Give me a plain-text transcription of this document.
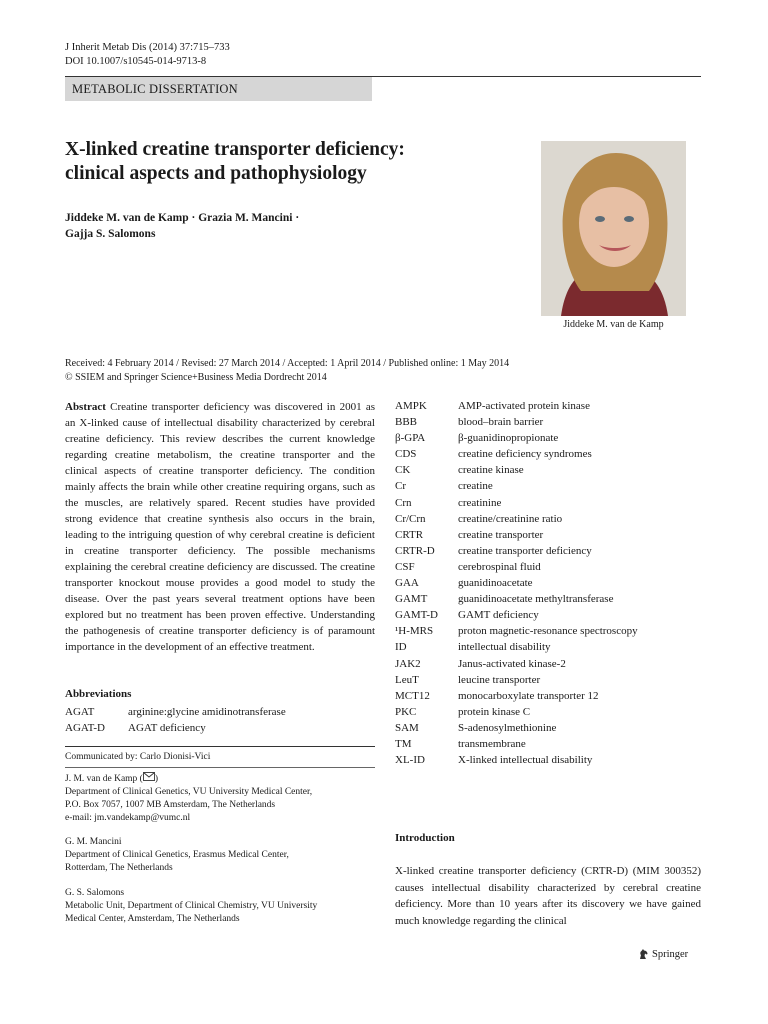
J Inherit Metab Dis (2014) 37:715–733
DOI 10.1007/s10545-014-9713-8
METABOLIC DISSERTATION
X-linked creatine transporter deficiency:
clinical aspects and pathophysiology
Jiddeke M. van de Kamp · Grazia M. Mancini ·
Gajja S. Salomons
Jiddeke M. van de Kamp
Received: 4 February 2014 / Revised: 27 March 2014 / Accepted: 1 April 2014 / Published online: 1 May 2014
© SSIEM and Springer Science+Business Media Dordrecht 2014
Abstract Creatine transporter deficiency was discovered in 2001 as an X-linked cause of intellectual disability characterized by cerebral creatine deficiency. This review describes the current knowledge regarding creatine metabolism, the creatine transporter and the clinical aspects of creatine transporter deficiency. The condition mainly affects the brain while other creatine requiring organs, such as the muscles, are relatively spared. Recent studies have provided strong evidence that creatine synthesis also occurs in the brain, leading to the intriguing question of why cerebral creatine is deficient in creatine transporter deficiency. The possible mechanisms explaining the cerebral creatine deficiency are discussed. The creatine transporter knockout mouse provides a good model to study the disease. Over the past years several treatment options have been explored but no treatment has been proven effective. Understanding the pathogenesis of creatine transporter deficiency is of paramount importance in the development of an effective treatment.
Abbreviations
AGAT	arginine:glycine amidinotransferase
AGAT-D	AGAT deficiency
AMPK	AMP-activated protein kinase
BBB	blood–brain barrier
β-GPA	β-guanidinopropionate
CDS	creatine deficiency syndromes
CK	creatine kinase
Cr	creatine
Crn	creatinine
Cr/Crn	creatine/creatinine ratio
CRTR	creatine transporter
CRTR-D	creatine transporter deficiency
CSF	cerebrospinal fluid
GAA	guanidinoacetate
GAMT	guanidinoacetate methyltransferase
GAMT-D	GAMT deficiency
¹H-MRS	proton magnetic-resonance spectroscopy
ID	intellectual disability
JAK2	Janus-activated kinase-2
LeuT	leucine transporter
MCT12	monocarboxylate transporter 12
PKC	protein kinase C
SAM	S-adenosylmethionine
TM	transmembrane
XL-ID	X-linked intellectual disability
Communicated by: Carlo Dionisi-Vici
J. M. van de Kamp ( )
Department of Clinical Genetics, VU University Medical Center,
P.O. Box 7057, 1007 MB Amsterdam, The Netherlands
e-mail: jm.vandekamp@vumc.nl
G. M. Mancini
Department of Clinical Genetics, Erasmus Medical Center,
Rotterdam, The Netherlands
G. S. Salomons
Metabolic Unit, Department of Clinical Chemistry, VU University
Medical Center, Amsterdam, The Netherlands
Introduction
X-linked creatine transporter deficiency (CRTR-D) (MIM 300352) causes intellectual disability characterized by cerebral creatine deficiency. More than 10 years after its discovery we have gained much knowledge regarding the clinical
Springer
